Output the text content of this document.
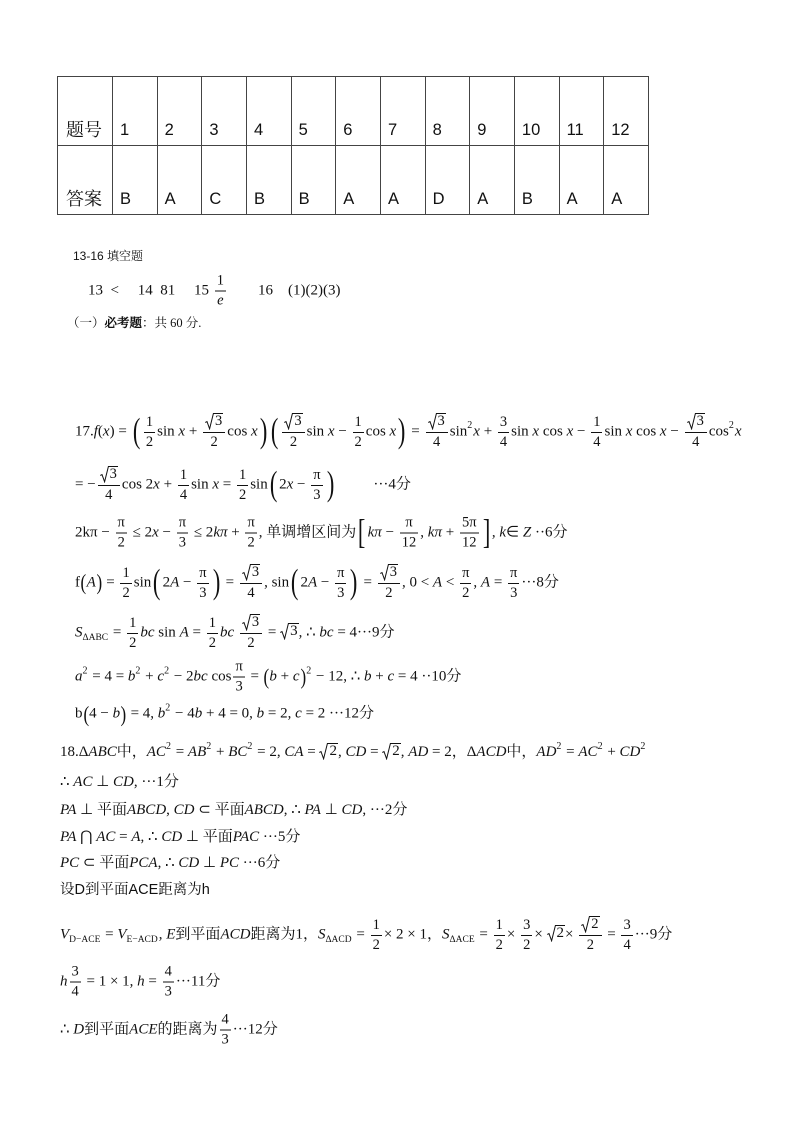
题号	1	2	3	4	5	6	7	8	9	10	11	12
答案	B	A	C	B	B	A	A	D	A	B	A	A
13-16 填空题
13  <     14  81     $15 \frac{1}{e} 16$    (1)(2)(3)
（一）必考题：共 60 分.
17.f(x) = ( $\frac{1}{2}$ $\sin x + \frac{3}{2}$ cos x) ( $\frac{3}{2}$ $\sin x - \frac{1}{2}$ $\cos x) = \frac{3}{4} \sin 2x + \frac{3}{4}$ sin x $\cos x - \frac{1}{4}$ sin x $\cos x - \frac{3}{4} \cos 2x$
= − $\frac{3}{4}$ $\cos 2x + \frac{1}{4}$ $\sin x = \frac{1}{2} \sin$( $2x - \frac{\pi}{3}$ )          ···4分
$2k\pi - \frac{\pi}{2} \le 2x - \frac{\pi}{3} \le 2k\pi + \frac{\pi}{2}$ , 单调增区间为[ $k\pi - \frac{\pi}{12}$ , $k\pi + \frac{5\pi}{12}$ ] , k∈ Z ··6分
$f(A) = \frac{1}{2} \sin$( $2A - \frac{\pi}{3}$ ) = $\frac{3}{4}$ , sin( $2A - \frac{\pi}{3}$ ) = $\frac{3}{2}$ , $0 < A < \frac{\pi}{2}$ , $A = \frac{\pi}{3} \cdot\cdot\cdot 8$分
$S\Delta ABC = \frac{1}{2}$ bc $\sin A = \frac{1}{2}$ bc $\frac{3}{2} = 3$ , ∴ bc = 4···9分
a2 = 4 = b2 + c2 − 2bc $\cos \frac{\pi}{3} = (b + c)2 - 12$, ∴ b + c = 4 ··10分
b(4 − b) = 4, b2 − 4b + 4 = 0, b = 2, c = 2 ···12分
18.ΔABC中，AC2 = AB2 + BC2 = 2, CA = 2 , CD = 2 , AD = 2，ΔACD中，AD2 = AC2 + CD2
∴ AC ⊥ CD, ···1分
PA ⊥ 平面ABCD, CD ⊂ 平面ABCD, ∴ PA ⊥ CD, ···2分
PA ⋂ AC = A, ∴ CD ⊥ 平面PAC ···5分
PC ⊂ 平面PCA, ∴ CD ⊥ PC ···6分
设D到平面ACE距离为h
VD−ACE = VE−ACD, E到平面ACD距离为1，$S\Delta ACD = \frac{1}{2} \times 2 \times 1$，$S\Delta ACE = \frac{1}{2} \times \frac{3}{2} \times 2 \times \frac{2}{2} = \frac{3}{4} \cdot\cdot\cdot 9$分
h $\frac{3}{4} = 1 \times 1$, $h = \frac{4}{3} \cdot\cdot\cdot 11$分
∴ D到平面ACE的距离为 $\frac{4}{3} \cdot\cdot\cdot 12$分
